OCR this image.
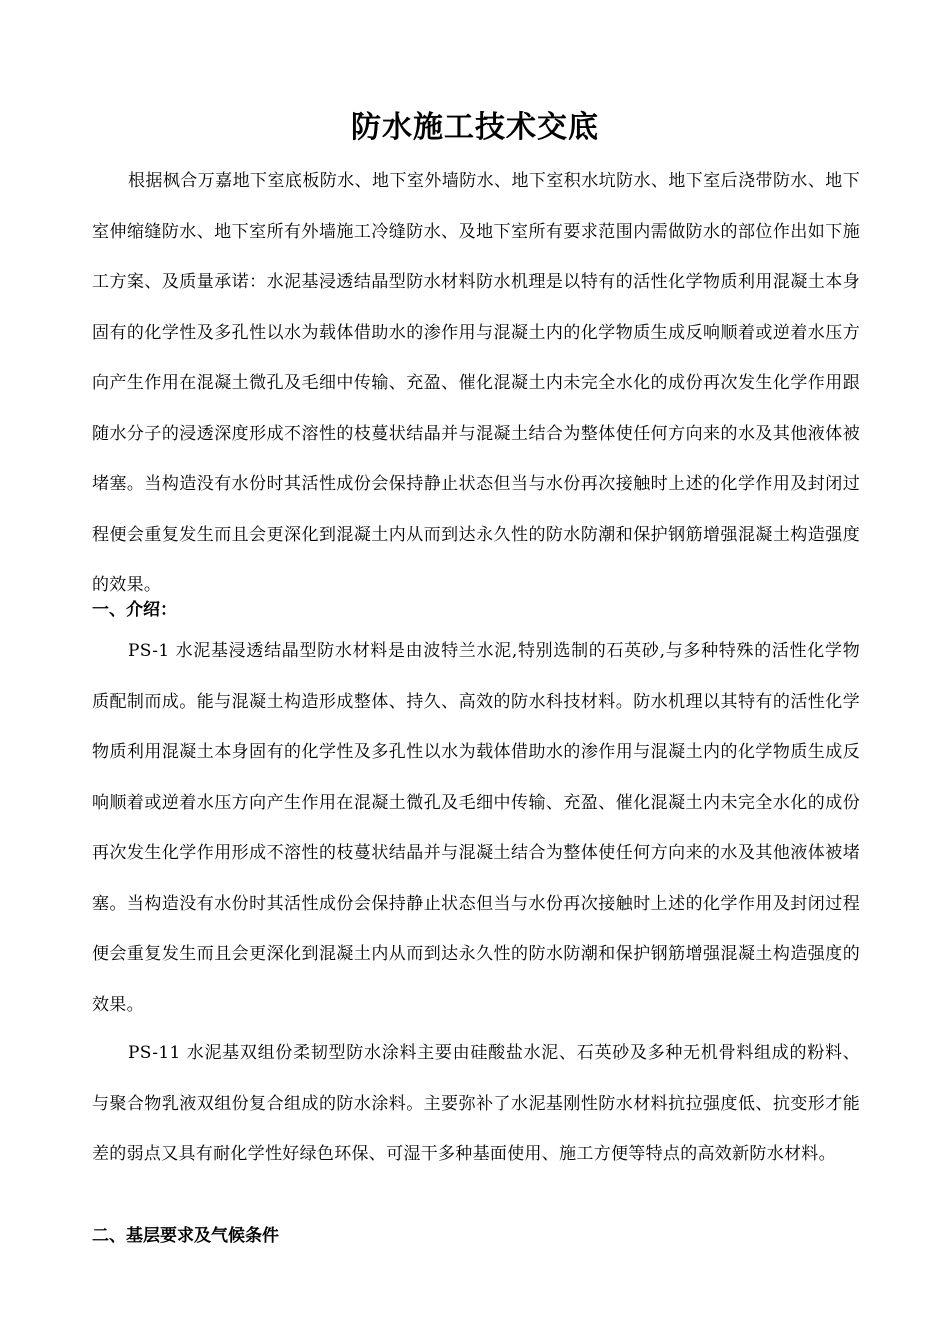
防水施工技术交底

根据枫合万嘉地下室底板防水、地下室外墙防水、地下室积水坑防水、地下室后浇带防水、地下室伸缩缝防水、地下室所有外墙施工冷缝防水、及地下室所有要求范围内需做防水的部位作出如下施工方案、及质量承诺：水泥基浸透结晶型防水材料防水机理是以特有的活性化学物质利用混凝土本身固有的化学性及多孔性以水为载体借助水的渗作用与混凝土内的化学物质生成反响顺着或逆着水压方向产生作用在混凝土微孔及毛细中传输、充盈、催化混凝土内未完全水化的成份再次发生化学作用跟随水分子的浸透深度形成不溶性的枝蔓状结晶并与混凝土结合为整体使任何方向来的水及其他液体被堵塞。当构造没有水份时其活性成份会保持静止状态但当与水份再次接触时上述的化学作用及封闭过程便会重复发生而且会更深化到混凝土内从而到达永久性的防水防潮和保护钢筋增强混凝土构造强度的效果。

一、介绍：

PS-1 水泥基浸透结晶型防水材料是由波特兰水泥,特别选制的石英砂,与多种特殊的活性化学物质配制而成。能与混凝土构造形成整体、持久、高效的防水科技材料。防水机理以其特有的活性化学物质利用混凝土本身固有的化学性及多孔性以水为载体借助水的渗作用与混凝土内的化学物质生成反响顺着或逆着水压方向产生作用在混凝土微孔及毛细中传输、充盈、催化混凝土内未完全水化的成份再次发生化学作用形成不溶性的枝蔓状结晶并与混凝土结合为整体使任何方向来的水及其他液体被堵塞。当构造没有水份时其活性成份会保持静止状态但当与水份再次接触时上述的化学作用及封闭过程便会重复发生而且会更深化到混凝土内从而到达永久性的防水防潮和保护钢筋增强混凝土构造强度的效果。

PS-11 水泥基双组份柔韧型防水涂料主要由硅酸盐水泥、石英砂及多种无机骨料组成的粉料、与聚合物乳液双组份复合组成的防水涂料。主要弥补了水泥基刚性防水材料抗拉强度低、抗变形才能差的弱点又具有耐化学性好绿色环保、可湿干多种基面使用、施工方便等特点的高效新防水材料。

二、基层要求及气候条件
